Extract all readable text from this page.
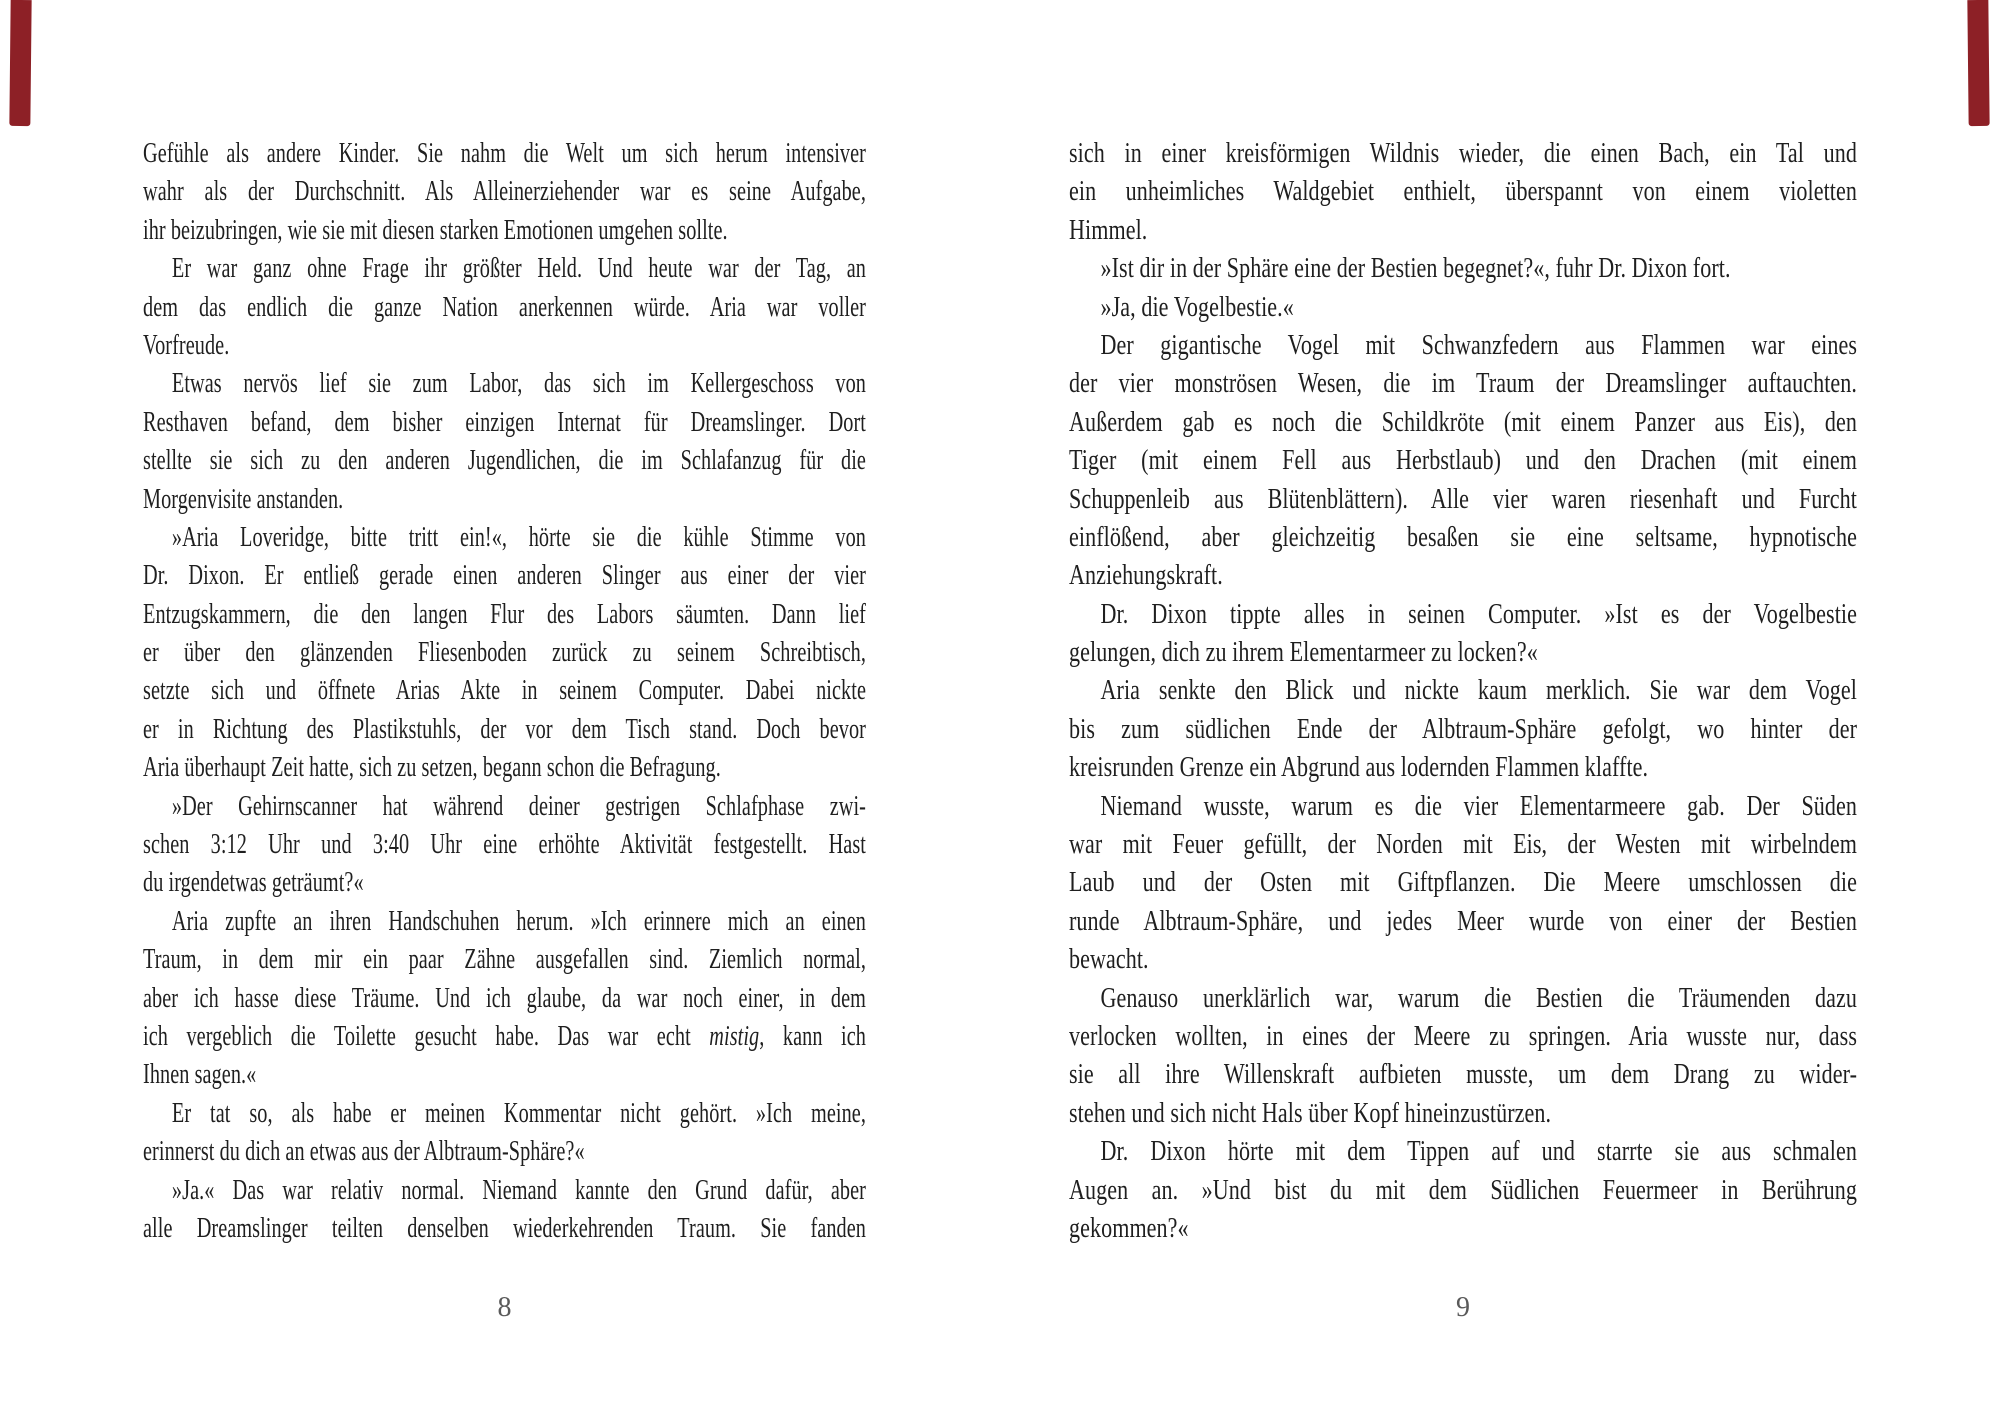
Gefühle als andere Kinder. Sie nahm die Welt um sich herum intensiver
wahr als der Durchschnitt. Als Alleinerziehender war es seine Aufgabe,
ihr beizubringen, wie sie mit diesen starken Emotionen umgehen sollte.
Er war ganz ohne Frage ihr größter Held. Und heute war der Tag, an
dem das endlich die ganze Nation anerkennen würde. Aria war voller
Vorfreude.
Etwas nervös lief sie zum Labor, das sich im Kellergeschoss von
Resthaven befand, dem bisher einzigen Internat für Dreamslinger. Dort
stellte sie sich zu den anderen Jugendlichen, die im Schlafanzug für die
Morgenvisite anstanden.
»Aria Loveridge, bitte tritt ein!«, hörte sie die kühle Stimme von
Dr. Dixon. Er entließ gerade einen anderen Slinger aus einer der vier
Entzugskammern, die den langen Flur des Labors säumten. Dann lief
er über den glänzenden Fliesenboden zurück zu seinem Schreibtisch,
setzte sich und öffnete Arias Akte in seinem Computer. Dabei nickte
er in Richtung des Plastikstuhls, der vor dem Tisch stand. Doch bevor
Aria überhaupt Zeit hatte, sich zu setzen, begann schon die Befragung.
»Der Gehirnscanner hat während deiner gestrigen Schlafphase zwi-
schen 3:12 Uhr und 3:40 Uhr eine erhöhte Aktivität festgestellt. Hast
du irgendetwas geträumt?«
Aria zupfte an ihren Handschuhen herum. »Ich erinnere mich an einen
Traum, in dem mir ein paar Zähne ausgefallen sind. Ziemlich normal,
aber ich hasse diese Träume. Und ich glaube, da war noch einer, in dem
ich vergeblich die Toilette gesucht habe. Das war echt mistig, kann ich
Ihnen sagen.«
Er tat so, als habe er meinen Kommentar nicht gehört. »Ich meine,
erinnerst du dich an etwas aus der Albtraum-Sphäre?«
»Ja.« Das war relativ normal. Niemand kannte den Grund dafür, aber
alle Dreamslinger teilten denselben wiederkehrenden Traum. Sie fanden
sich in einer kreisförmigen Wildnis wieder, die einen Bach, ein Tal und
ein unheimliches Waldgebiet enthielt, überspannt von einem violetten
Himmel.
»Ist dir in der Sphäre eine der Bestien begegnet?«, fuhr Dr. Dixon fort.
»Ja, die Vogelbestie.«
Der gigantische Vogel mit Schwanzfedern aus Flammen war eines
der vier monströsen Wesen, die im Traum der Dreamslinger auftauchten.
Außerdem gab es noch die Schildkröte (mit einem Panzer aus Eis), den
Tiger (mit einem Fell aus Herbstlaub) und den Drachen (mit einem
Schuppenleib aus Blütenblättern). Alle vier waren riesenhaft und Furcht
einflößend, aber gleichzeitig besaßen sie eine seltsame, hypnotische
Anziehungskraft.
Dr. Dixon tippte alles in seinen Computer. »Ist es der Vogelbestie
gelungen, dich zu ihrem Elementarmeer zu locken?«
Aria senkte den Blick und nickte kaum merklich. Sie war dem Vogel
bis zum südlichen Ende der Albtraum-Sphäre gefolgt, wo hinter der
kreisrunden Grenze ein Abgrund aus lodernden Flammen klaffte.
Niemand wusste, warum es die vier Elementarmeere gab. Der Süden
war mit Feuer gefüllt, der Norden mit Eis, der Westen mit wirbelndem
Laub und der Osten mit Giftpflanzen. Die Meere umschlossen die
runde Albtraum-Sphäre, und jedes Meer wurde von einer der Bestien
bewacht.
Genauso unerklärlich war, warum die Bestien die Träumenden dazu
verlocken wollten, in eines der Meere zu springen. Aria wusste nur, dass
sie all ihre Willenskraft aufbieten musste, um dem Drang zu wider-
stehen und sich nicht Hals über Kopf hineinzustürzen.
Dr. Dixon hörte mit dem Tippen auf und starrte sie aus schmalen
Augen an. »Und bist du mit dem Südlichen Feuermeer in Berührung
gekommen?«
8	9
